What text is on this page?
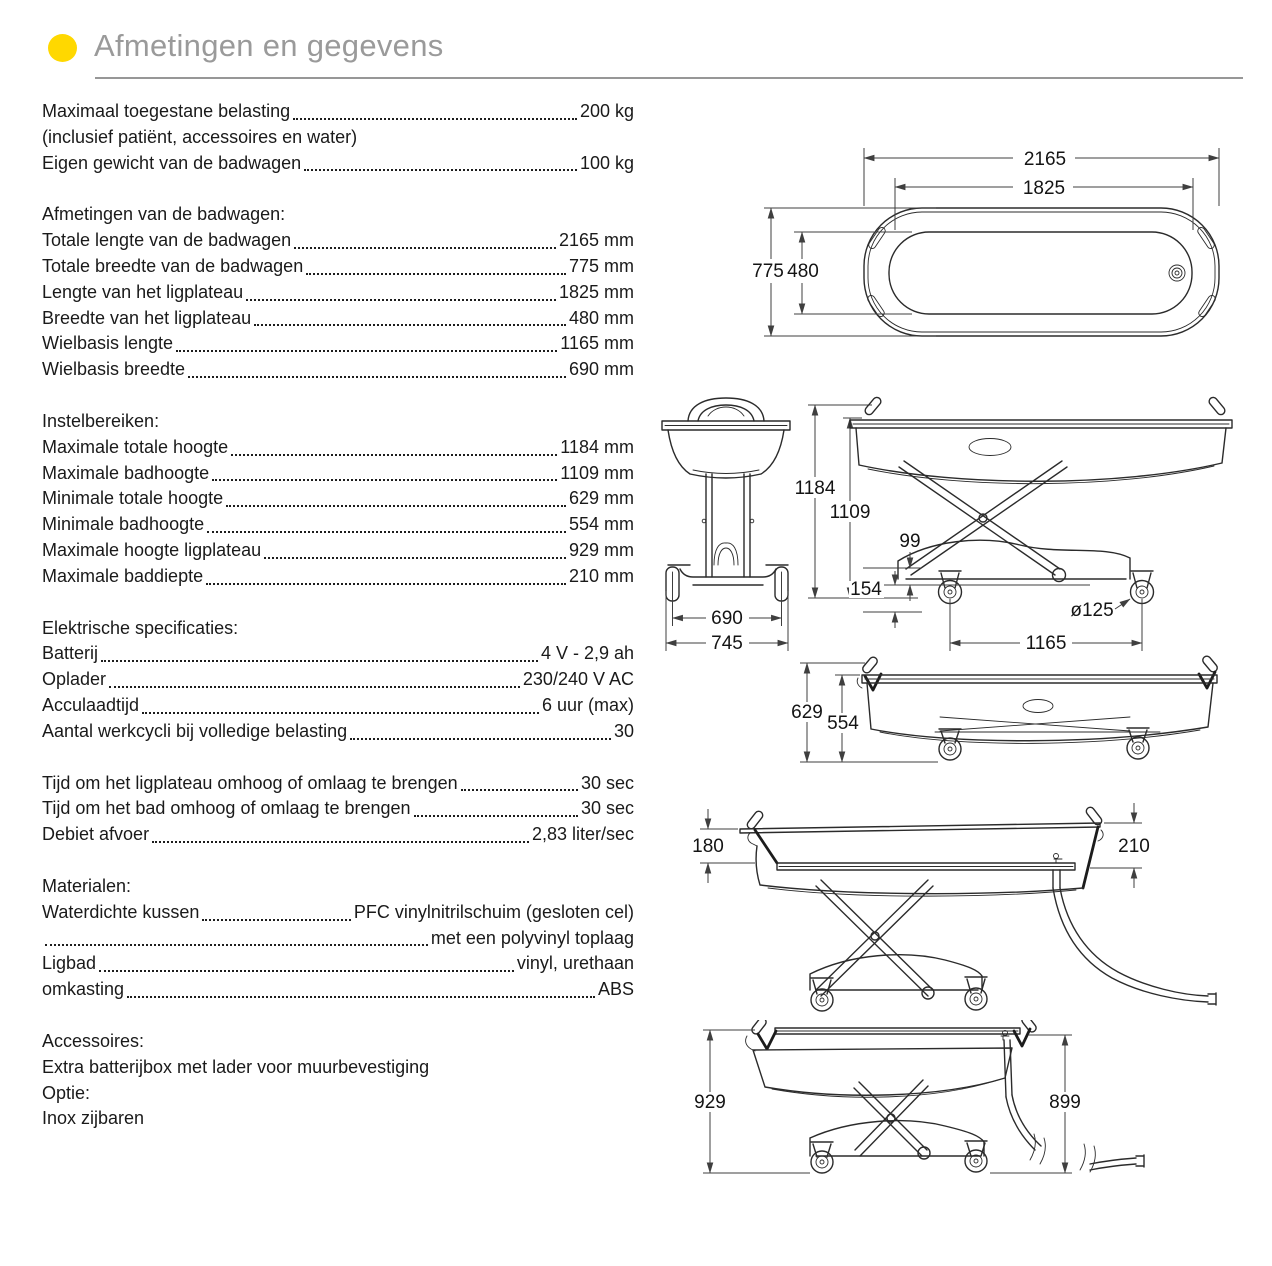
Afmetingen en gegevens
Maximaal toegestane belasting	200 kg
(inclusief patiënt, accessoires en water)
Eigen gewicht van de badwagen	100 kg
Afmetingen van de badwagen:
Totale lengte van de badwagen	2165 mm
Totale breedte van de badwagen	775 mm
Lengte van het ligplateau	1825 mm
Breedte van het ligplateau	480 mm
Wielbasis lengte	1165 mm
Wielbasis breedte	690 mm
Instelbereiken:
Maximale totale hoogte	1184 mm
Maximale badhoogte	1109 mm
Minimale totale hoogte	629 mm
Minimale badhoogte	554 mm
Maximale hoogte ligplateau	929 mm
Maximale baddiepte	210 mm
Elektrische specificaties:
Batterij	4 V - 2,9 ah
Oplader	230/240 V AC
Acculaadtijd	6 uur (max)
Aantal werkcycli bij volledige belasting	30
Tijd om het ligplateau omhoog of omlaag te brengen	30 sec
Tijd om het bad omhoog of omlaag te brengen	30 sec
Debiet afvoer	2,83 liter/sec
Materialen:
Waterdichte kussen	PFC vinylnitrilschuim (gesloten cel)
met een polyvinyl toplaag
Ligbad	vinyl, urethaan
omkasting	ABS
Accessoires:
Extra batterijbox met lader voor muurbevestiging
Optie:
Inox zijbaren
2165
1825
775 480
690
745
1184
1109
99
154
1165
ø125
629
554
180	210
929	899
